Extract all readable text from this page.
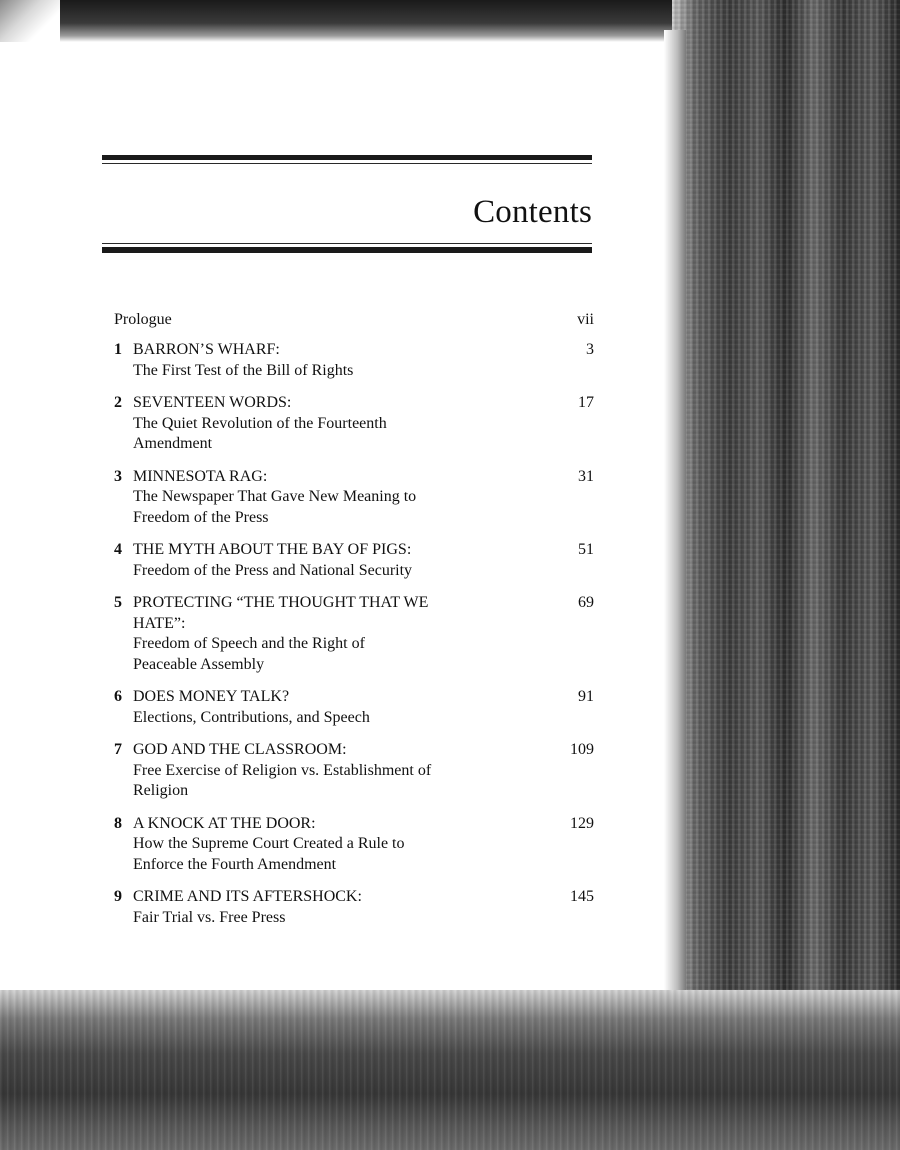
Contents
Prologue	vii
1 BARRON’S WHARF:
The First Test of the Bill of Rights
3
2 SEVENTEEN WORDS:
The Quiet Revolution of the Fourteenth
Amendment
17
3 MINNESOTA RAG:
The Newspaper That Gave New Meaning to
Freedom of the Press
31
4 THE MYTH ABOUT THE BAY OF PIGS:
Freedom of the Press and National Security
51
5 PROTECTING “THE THOUGHT THAT WE
HATE”:
Freedom of Speech and the Right of
Peaceable Assembly
69
6 DOES MONEY TALK?
Elections, Contributions, and Speech
91
7 GOD AND THE CLASSROOM:
Free Exercise of Religion vs. Establishment of
Religion
109
8 A KNOCK AT THE DOOR:
How the Supreme Court Created a Rule to
Enforce the Fourth Amendment
129
9 CRIME AND ITS AFTERSHOCK:
Fair Trial vs. Free Press
145
